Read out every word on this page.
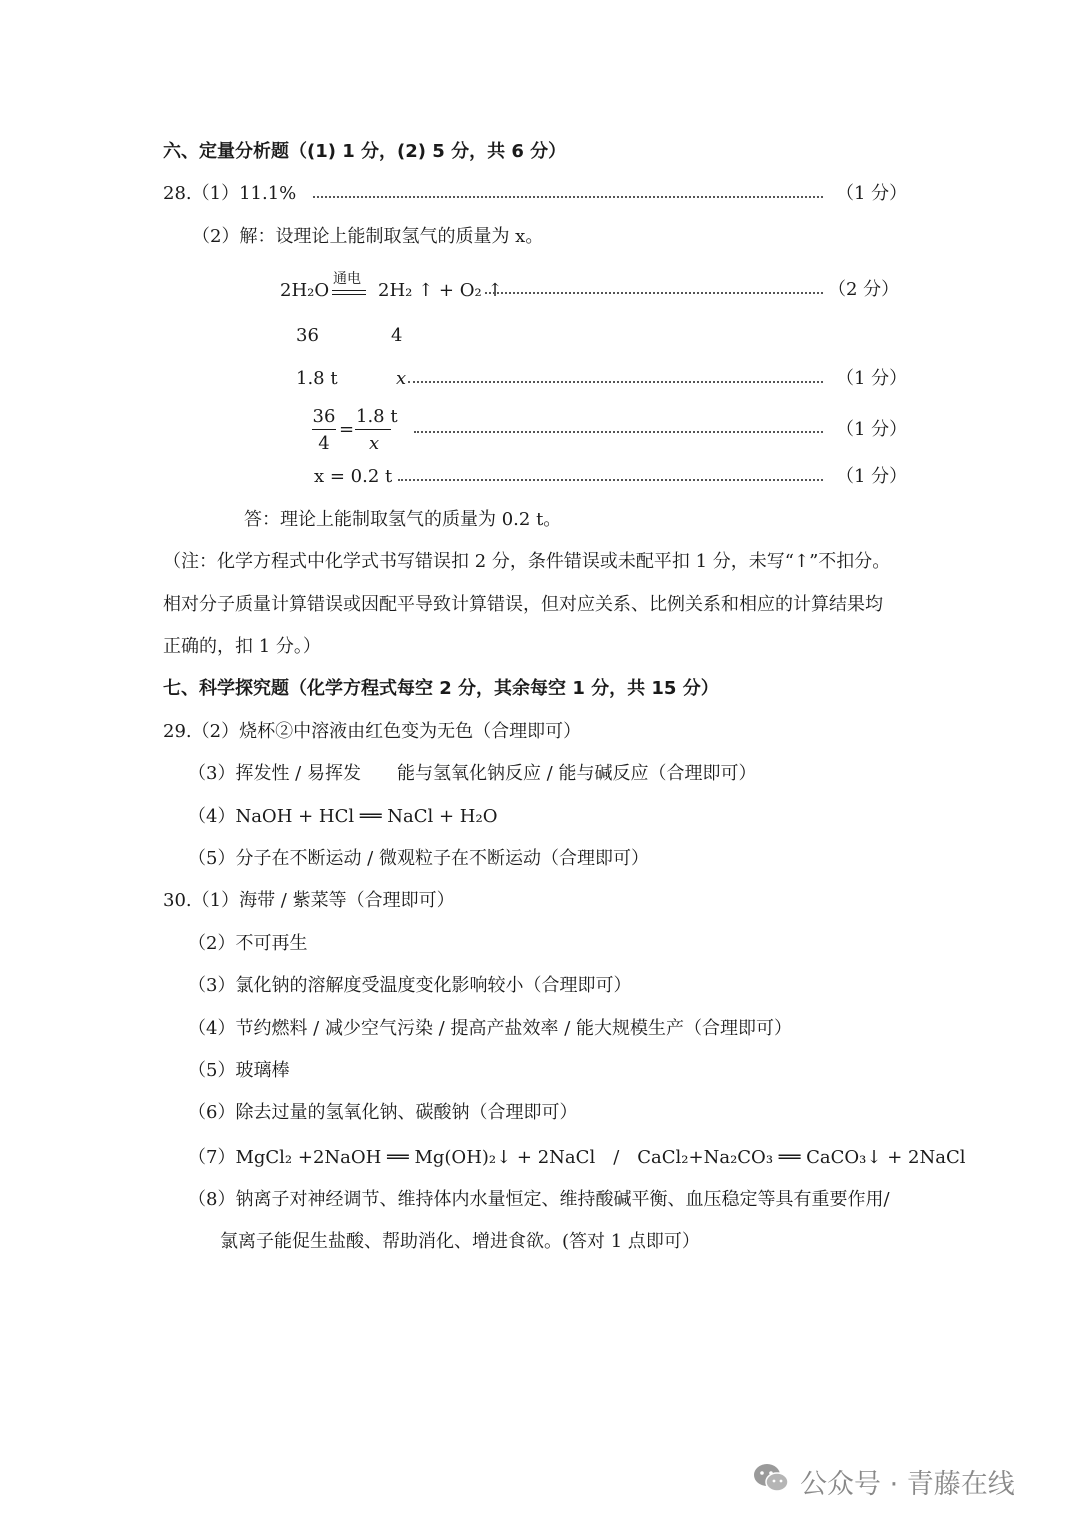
六、定量分析题（(1) 1 分，(2) 5 分，共 6 分）
28.（1）11.1%	（1 分）
（2）解：设理论上能制取氢气的质量为 x。
2H₂O
通电
2H₂ ↑ + O₂ ↑	（2 分）
36	4
1.8 t	x	（1 分）
36
4
=
1.8 t
x
（1 分）
x = 0.2 t	（1 分）
答：理论上能制取氢气的质量为 0.2 t。
（注：化学方程式中化学式书写错误扣 2 分，条件错误或未配平扣 1 分，未写“↑”不扣分。
相对分子质量计算错误或因配平导致计算错误，但对应关系、比例关系和相应的计算结果均
正确的，扣 1 分。）
七、科学探究题（化学方程式每空 2 分，其余每空 1 分，共 15 分）
29.（2）烧杯②中溶液由红色变为无色（合理即可）
（3）挥发性 / 易挥发　　能与氢氧化钠反应 / 能与碱反应（合理即可）
（4）NaOH + HCl ══ NaCl + H₂O
（5）分子在不断运动 / 微观粒子在不断运动（合理即可）
30.（1）海带 / 紫菜等（合理即可）
（2）不可再生
（3）氯化钠的溶解度受温度变化影响较小（合理即可）
（4）节约燃料 / 减少空气污染 / 提高产盐效率 / 能大规模生产（合理即可）
（5）玻璃棒
（6）除去过量的氢氧化钠、碳酸钠（合理即可）
（7）MgCl₂ +2NaOH ══ Mg(OH)₂↓ + 2NaCl　/　CaCl₂+Na₂CO₃ ══ CaCO₃↓ + 2NaCl
（8）钠离子对神经调节、维持体内水量恒定、维持酸碱平衡、血压稳定等具有重要作用/
氯离子能促生盐酸、帮助消化、增进食欲。(答对 1 点即可）
公众号 · 青藤在线
